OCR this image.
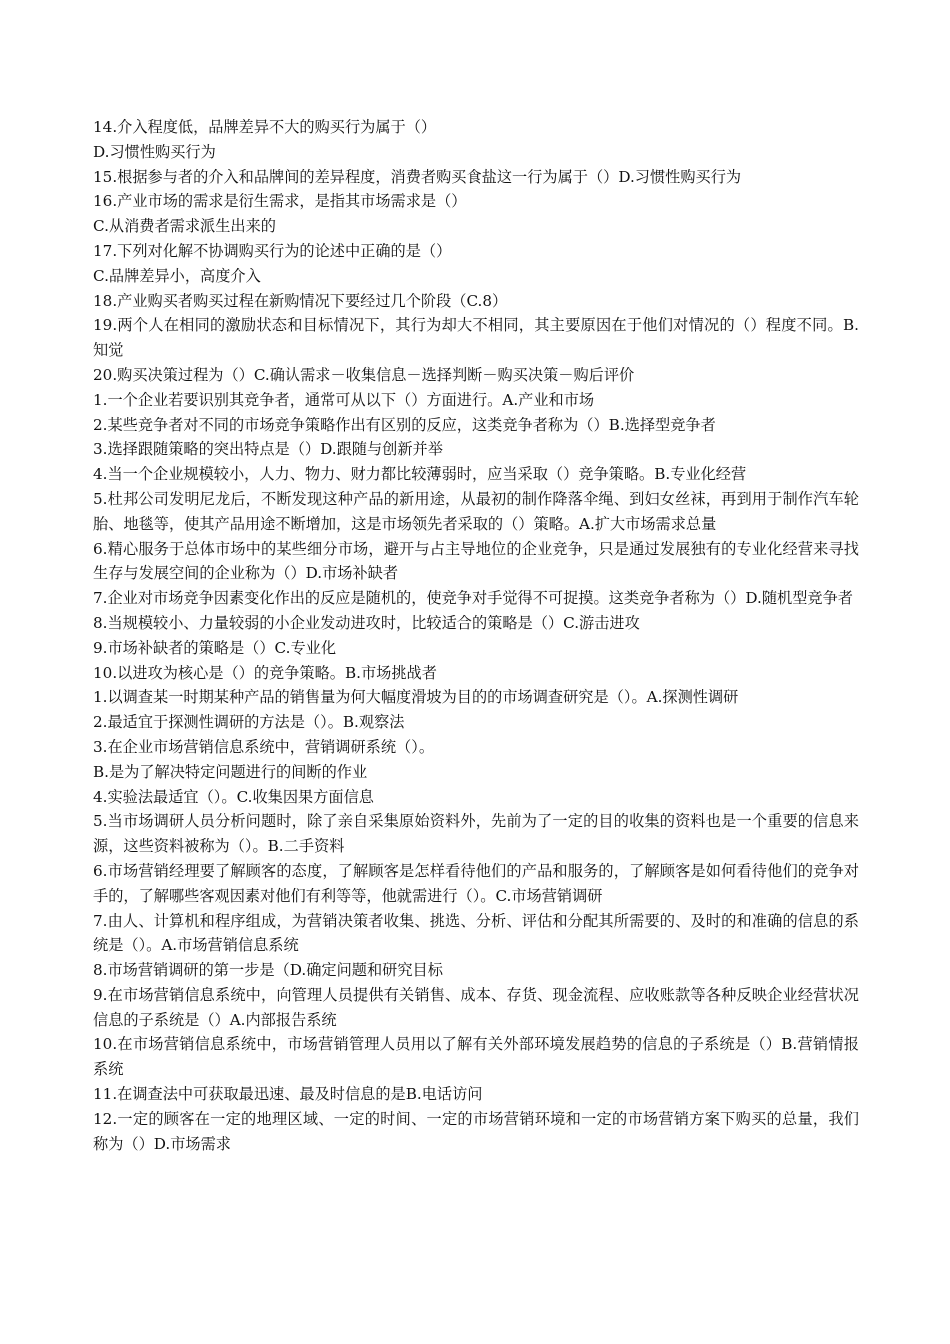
14.介入程度低，品牌差异不大的购买行为属于（）
D.习惯性购买行为
15.根据参与者的介入和品牌间的差异程度，消费者购买食盐这一行为属于（）D.习惯性购买行为
16.产业市场的需求是衍生需求，是指其市场需求是（）
C.从消费者需求派生出来的
17.下列对化解不协调购买行为的论述中正确的是（）
C.品牌差异小，高度介入
18.产业购买者购买过程在新购情况下要经过几个阶段（C.8）
19.两个人在相同的激励状态和目标情况下，其行为却大不相同，其主要原因在于他们对情况的（）程度不同。B.知觉
20.购买决策过程为（）C.确认需求－收集信息－选择判断－购买决策－购后评价
1.一个企业若要识别其竞争者，通常可从以下（）方面进行。A.产业和市场
2.某些竞争者对不同的市场竞争策略作出有区别的反应，这类竞争者称为（）B.选择型竞争者
3.选择跟随策略的突出特点是（）D.跟随与创新并举
4.当一个企业规模较小，人力、物力、财力都比较薄弱时，应当采取（）竞争策略。B.专业化经营
5.杜邦公司发明尼龙后，不断发现这种产品的新用途，从最初的制作降落伞绳、到妇女丝袜，再到用于制作汽车轮胎、地毯等，使其产品用途不断增加，这是市场领先者采取的（）策略。A.扩大市场需求总量
6.精心服务于总体市场中的某些细分市场，避开与占主导地位的企业竞争，只是通过发展独有的专业化经营来寻找生存与发展空间的企业称为（）D.市场补缺者
7.企业对市场竞争因素变化作出的反应是随机的，使竞争对手觉得不可捉摸。这类竞争者称为（）D.随机型竞争者
8.当规模较小、力量较弱的小企业发动进攻时，比较适合的策略是（）C.游击进攻
9.市场补缺者的策略是（）C.专业化
10.以进攻为核心是（）的竞争策略。B.市场挑战者
1.以调查某一时期某种产品的销售量为何大幅度滑坡为目的的市场调查研究是（）。A.探测性调研
2.最适宜于探测性调研的方法是（）。B.观察法
3.在企业市场营销信息系统中，营销调研系统（）。
B.是为了解决特定问题进行的间断的作业
4.实验法最适宜（）。C.收集因果方面信息
5.当市场调研人员分析问题时，除了亲自采集原始资料外，先前为了一定的目的收集的资料也是一个重要的信息来源，这些资料被称为（）。B.二手资料
6.市场营销经理要了解顾客的态度，了解顾客是怎样看待他们的产品和服务的，了解顾客是如何看待他们的竞争对手的，了解哪些客观因素对他们有利等等，他就需进行（）。C.市场营销调研
7.由人、计算机和程序组成，为营销决策者收集、挑选、分析、评估和分配其所需要的、及时的和准确的信息的系统是（）。A.市场营销信息系统
8.市场营销调研的第一步是（D.确定问题和研究目标
9.在市场营销信息系统中，向管理人员提供有关销售、成本、存货、现金流程、应收账款等各种反映企业经营状况信息的子系统是（）A.内部报告系统
10.在市场营销信息系统中，市场营销管理人员用以了解有关外部环境发展趋势的信息的子系统是（）B.营销情报系统
11.在调查法中可获取最迅速、最及时信息的是B.电话访问
12.一定的顾客在一定的地理区域、一定的时间、一定的市场营销环境和一定的市场营销方案下购买的总量，我们称为（）D.市场需求
